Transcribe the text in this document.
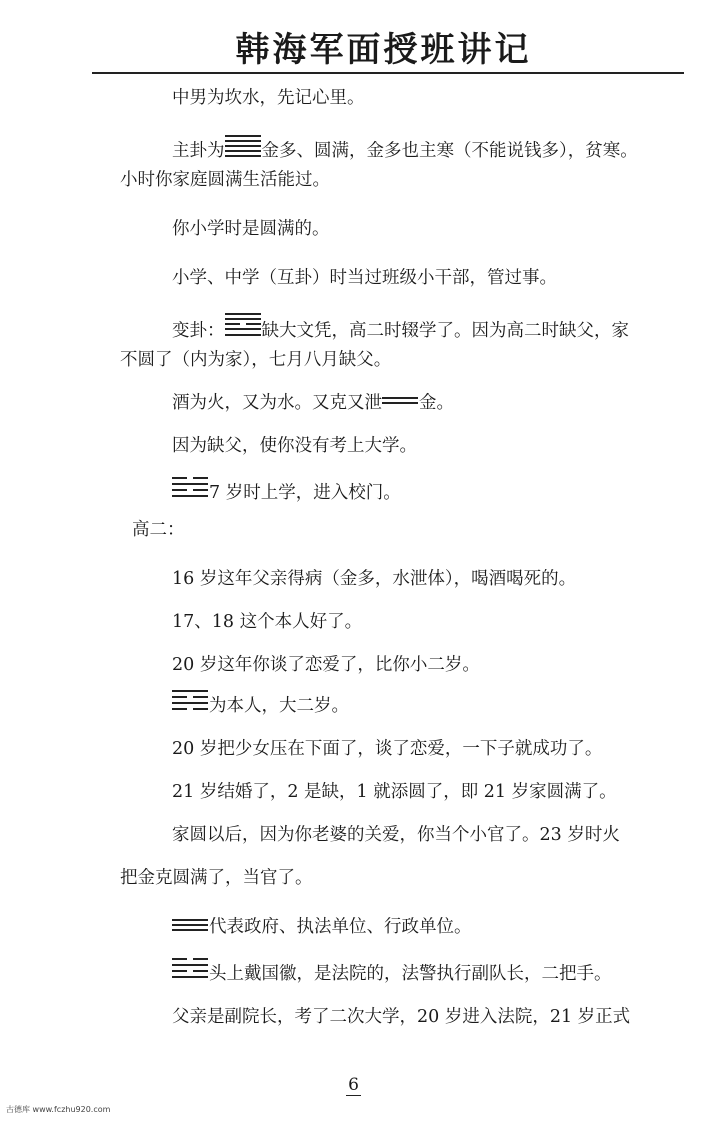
韩海军面授班讲记

中男为坎水，先记心里。

主卦为 金多、圆满，金多也主寒（不能说钱多），贫寒。

小时你家庭圆满生活能过。

你小学时是圆满的。

小学、中学（互卦）时当过班级小干部，管过事。

变卦： 缺大文凭，高二时辍学了。因为高二时缺父，家

不圆了（内为家），七月八月缺父。

酒为火，又为水。又克又泄 金。

因为缺父，使你没有考上大学。

7 岁时上学，进入校门。

高二：

16 岁这年父亲得病（金多，水泄体），喝酒喝死的。

17、18 这个本人好了。

20 岁这年你谈了恋爱了，比你小二岁。

为本人，大二岁。

20 岁把少女压在下面了，谈了恋爱，一下子就成功了。

21 岁结婚了，2 是缺，1 就添圆了，即 21 岁家圆满了。

家圆以后，因为你老婆的关爱，你当个小官了。23 岁时火

把金克圆满了，当官了。

代表政府、执法单位、行政单位。

头上戴国徽，是法院的，法警执行副队长，二把手。

父亲是副院长，考了二次大学，20 岁进入法院，21 岁正式

6
古德库 www.fczhu920.com
